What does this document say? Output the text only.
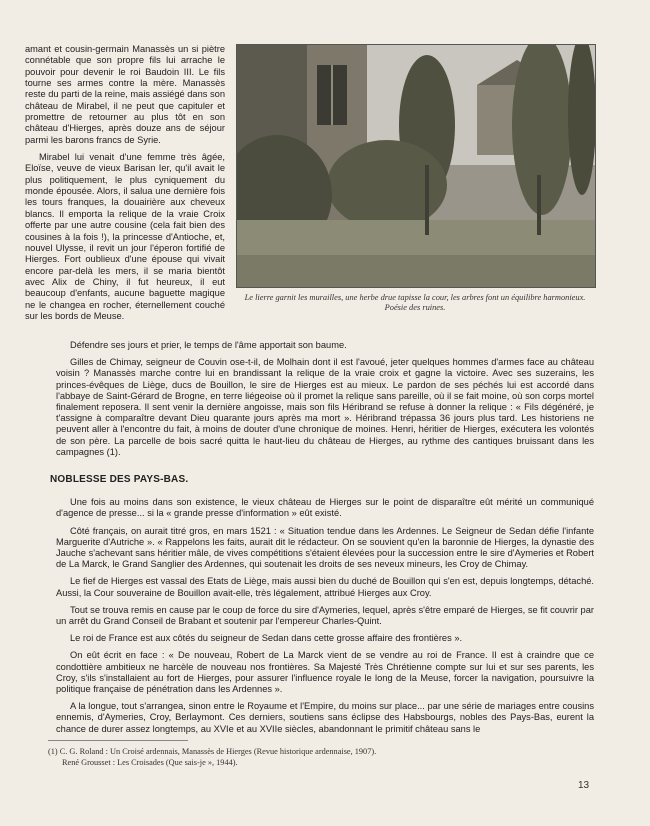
amant et cousin-germain Manassès un si piètre connétable que son propre fils lui arrache le pouvoir pour devenir le roi Baudoin III. Le fils tourne ses armes contre la mère. Manassès reste du parti de la reine, mais assiégé dans son château de Mirabel, il ne peut que capituler et promettre de retourner au plus tôt en son château d'Hierges, après douze ans de séjour parmi les barons francs de Syrie.

Mirabel lui venait d'une femme très âgée, Eloïse, veuve de vieux Barisan Ier, qu'il avait le plus politiquement, le plus cyniquement du monde épousée. Alors, il salua une dernière fois les tours franques, la douairière aux cheveux blancs. Il emporta la relique de la vraie Croix offerte par une autre cousine (cela fait bien des cousines à la fois !), la princesse d'Antioche, et, nouvel Ulysse, il revit un jour l'éperon fortifié de Hierges. Fort oublieux d'une épouse qui vivait encore par-delà les mers, il se maria bientôt avec Alix de Chiny, il fut heureux, il eut beaucoup d'enfants, aucune baguette magique ne le changea en rocher, éternellement couché sur les bords de Meuse.

Le lierre garnit les murailles, une herbe drue tapisse la cour, les arbres font un équilibre harmonieux. Poésie des ruines.

Défendre ses jours et prier, le temps de l'âme apportait son baume.

Gilles de Chimay, seigneur de Couvin ose-t-il, de Molhain dont il est l'avoué, jeter quelques hommes d'armes face au château voisin ? Manassès marche contre lui en brandissant la relique de la vraie croix et gagne la victoire. Avec ses suzerains, les princes-évêques de Liège, ducs de Bouillon, le sire de Hierges est au mieux. Le pardon de ses péchés lui est accordé dans l'abbaye de Saint-Gérard de Brogne, en terre liégeoise où il promet la relique sans pareille, où il se fait moine, où son corps mortel finalement reposera. Il sent venir la dernière angoisse, mais son fils Héribrand se refuse à donner la relique : « Fils dégénéré, je t'assigne à comparaître devant Dieu quarante jours après ma mort ». Héribrand trépassa 36 jours plus tard. Les historiens ne peuvent aller à l'encontre du fait, à moins de douter d'une chronique de moines. Henri, héritier de Hierges, exécutera les volontés de son père. La parcelle de bois sacré quitta le haut-lieu du château de Hierges, au rythme des cantiques bruissant dans les campagnes (1).

NOBLESSE DES PAYS-BAS.

Une fois au moins dans son existence, le vieux château de Hierges sur le point de disparaître eût mérité un communiqué d'agence de presse... si la « grande presse d'information » eût existé.

Côté français, on aurait titré gros, en mars 1521 : « Situation tendue dans les Ardennes. Le Seigneur de Sedan défie l'infante Marguerite d'Autriche ». « Rappelons les faits, aurait dit le rédacteur. On se souvient qu'en la baronnie de Hierges, la dynastie des Jauche s'achevant sans héritier mâle, de vives compétitions s'étaient élevées pour la succession entre le sire d'Aymeries et Robert de La Marck, le Grand Sanglier des Ardennes, qui soutenait les droits de ses neveux mineurs, les Croy de Chimay.

Le fief de Hierges est vassal des Etats de Liège, mais aussi bien du duché de Bouillon qui s'en est, depuis longtemps, détaché. Aussi, la Cour souveraine de Bouillon avait-elle, très légalement, attribué Hierges aux Croy.

Tout se trouva remis en cause par le coup de force du sire d'Aymeries, lequel, après s'être emparé de Hierges, se fit couvrir par un arrêt du Grand Conseil de Brabant et soutenir par l'empereur Charles-Quint.

Le roi de France est aux côtés du seigneur de Sedan dans cette grosse affaire des frontières ».

On eût écrit en face : « De nouveau, Robert de La Marck vient de se vendre au roi de France. Il est à craindre que ce condottière ambitieux ne harcèle de nouveau nos frontières. Sa Majesté Très Chrétienne compte sur lui et sur ses parents, les Croy, s'ils s'installaient au fort de Hierges, pour assurer l'influence royale le long de la Meuse, forcer la navigation, poursuivre la politique française de pénétration dans les Ardennes ».

A la longue, tout s'arrangea, sinon entre le Royaume et l'Empire, du moins sur place... par une série de mariages entre cousins ennemis, d'Aymeries, Croy, Berlaymont. Ces derniers, soutiens sans éclipse des Habsbourgs, nobles des Pays-Bas, eurent la chance de durer assez longtemps, au XVIe et au XVIIe siècles, abandonnant le primitif château sans le

(1) C. G. Roland : Un Croisé ardennais, Manassès de Hierges (Revue historique ardennaise, 1907).
René Grousset : Les Croisades (Que sais-je », 1944).
13
